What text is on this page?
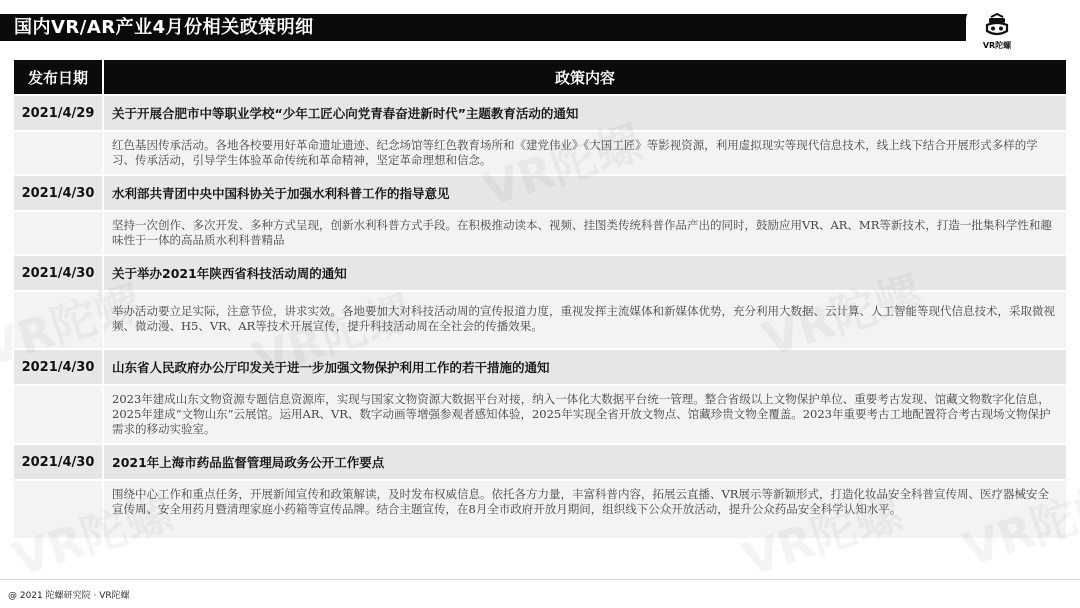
国内VR/AR产业4月份相关政策明细
VR陀螺
发布日期	政策内容
2021/4/29	关于开展合肥市中等职业学校“少年工匠心向党青春奋进新时代”主题教育活动的通知
红色基因传承活动。各地各校要用好革命遗址遗迹、纪念场馆等红色教育场所和《建党伟业》《大国工匠》等影视资源，利用虚拟现实等现代信息技术，线上线下结合开展形式多样的学习、传承活动，引导学生体验革命传统和革命精神，坚定革命理想和信念。
2021/4/30	水利部共青团中央中国科协关于加强水利科普工作的指导意见
坚持一次创作、多次开发、多种方式呈现，创新水利科普方式手段。在积极推动读本、视频、挂图类传统科普作品产出的同时，鼓励应用VR、AR、MR等新技术，打造一批集科学性和趣味性于一体的高品质水利科普精品
2021/4/30	关于举办2021年陕西省科技活动周的通知
举办活动要立足实际，注意节俭，讲求实效。各地要加大对科技活动周的宣传报道力度，重视发挥主流媒体和新媒体优势，充分利用大数据、云计算、人工智能等现代信息技术，采取微视频、微动漫、H5、VR、AR等技术开展宣传，提升科技活动周在全社会的传播效果。
2021/4/30	山东省人民政府办公厅印发关于进一步加强文物保护利用工作的若干措施的通知
2023年建成山东文物资源专题信息资源库，实现与国家文物资源大数据平台对接，纳入一体化大数据平台统一管理。整合省级以上文物保护单位、重要考古发现、馆藏文物数字化信息，2025年建成“文物山东”云展馆。运用AR、VR、数字动画等增强参观者感知体验，2025年实现全省开放文物点、馆藏珍贵文物全覆盖。2023年重要考古工地配置符合考古现场文物保护需求的移动实验室。
2021/4/30	2021年上海市药品监督管理局政务公开工作要点
围绕中心工作和重点任务，开展新闻宣传和政策解读，及时发布权威信息。依托各方力量，丰富科普内容，拓展云直播、VR展示等新颖形式，打造化妆品安全科普宣传周、医疗器械安全宣传周、安全用药月暨清理家庭小药箱等宣传品牌。结合主题宣传，在8月全市政府开放月期间，组织线下公众开放活动，提升公众药品安全科学认知水平。
@ 2021 陀螺研究院 · VR陀螺
